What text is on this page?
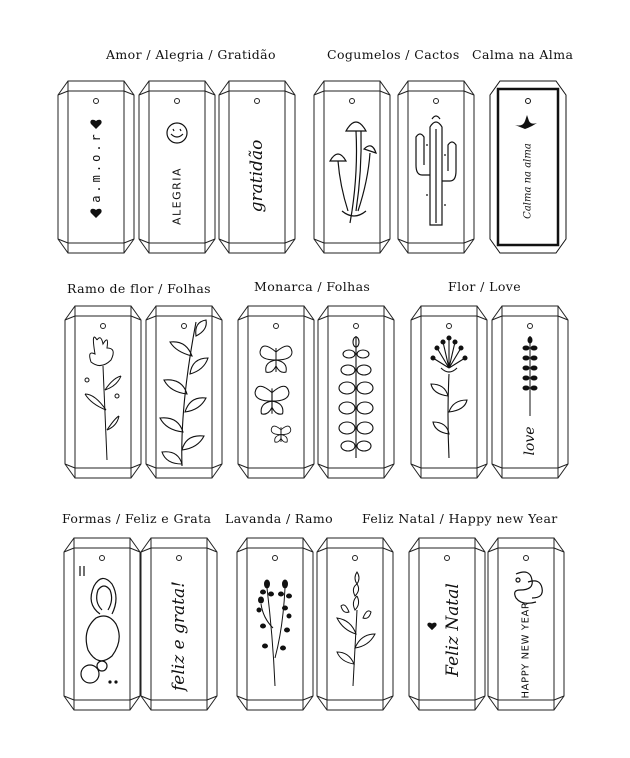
Amor / Alegria / Gratidão	Cogumelos / Cactos Calma na Alma
Ramo de flor / Folhas	Monarca / Folhas	Flor / Love
Formas / Feliz e Grata Lavanda / Ramo Feliz Natal / Happy new Year
a.m.o.r	ALEGRIA	gratidão	Calma na alma
love
feliz e grata!	Feliz Natal	HAPPY NEW YEAR
